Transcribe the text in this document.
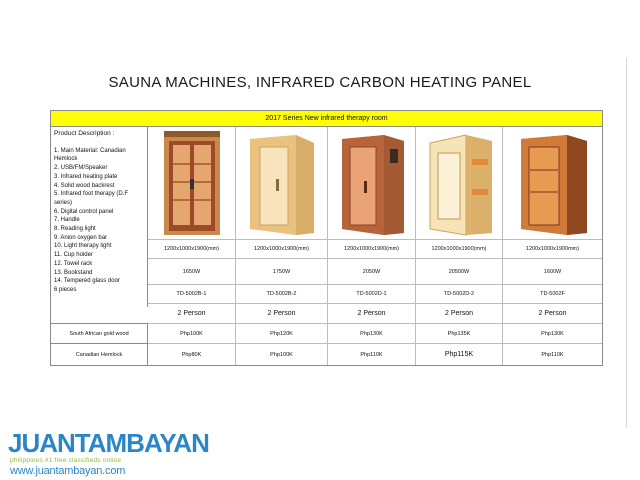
SAUNA MACHINES, INFRARED CARBON HEATING PANEL
2017 Series New infrared therapy room
Product Description :
1. Main Material: Canadian
Hemlock
2. USB/FM/Speaker
3. Infrared heating plate
4. Solid wood backrest
5. Infrared foot therapy (D.F
series)
6. Digital control panel
7. Handle
8. Reading light
9. Anion oxygen bar
10. Light therapy light
11. Cup holder
12. Towel rack
13. Bookstand
14. Tempered glass door
6 pieces
1200x1000x1900(mm)	1200x1000x1900(mm)	1200x1000x1900(mm)	1200x1000x1900(mm)	1200x1000x1900mm)
1650W	1750W	2050W	20500W	1600W
TD-5002B-1	TD-5002B-2	TD-5002D-1	TD-5002D-2	TD-5002F
2 Person	2 Person	2 Person	2 Person	2 Person
South African gold wood	Php100K	Php120K	Php130K	Php135K	Php130K
Canadian Hemlock	Php80K	Php100K	Php110K	Php115K	Php110K
JUANTAMBAYAN
philippines #1 free classifieds online
www.juantambayan.com
